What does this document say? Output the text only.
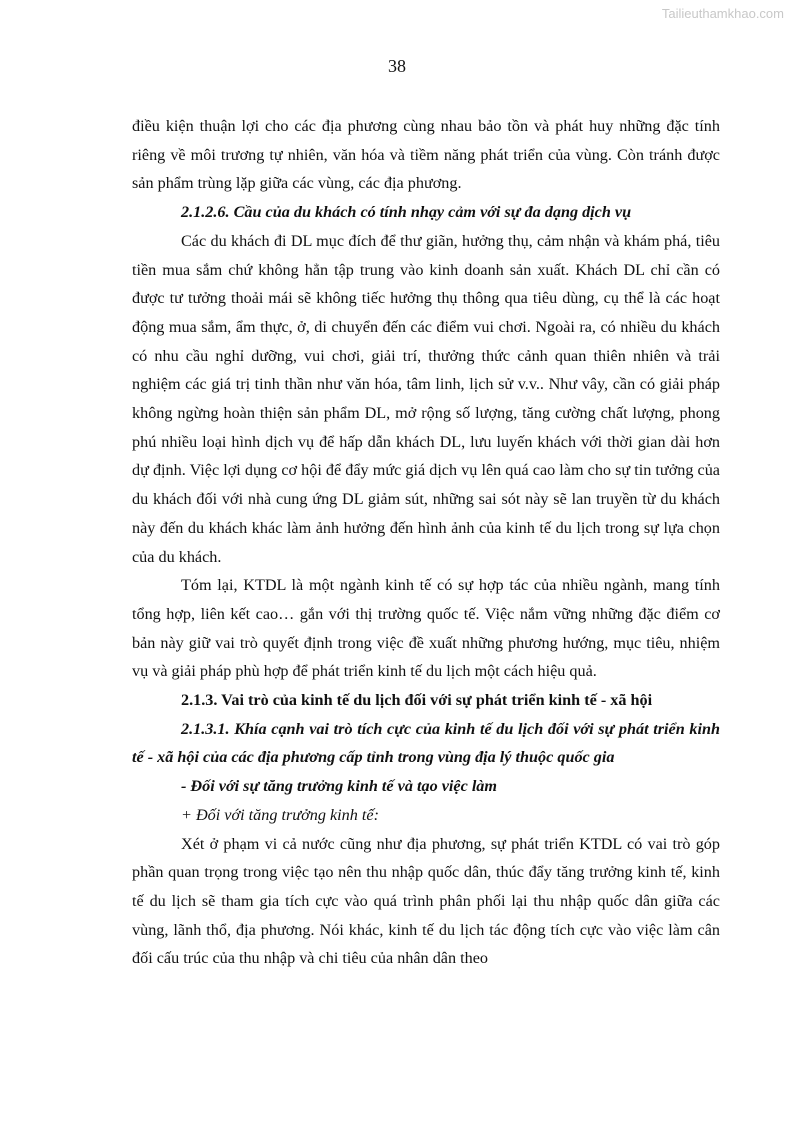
Tailieuthamkhao.com

38

điều kiện thuận lợi cho các địa phương cùng nhau bảo tồn và phát huy những đặc tính riêng về môi trương tự nhiên, văn hóa và tiềm năng phát triển của vùng. Còn tránh được sản phẩm trùng lặp giữa các vùng, các địa phương.

2.1.2.6. Cầu của du khách có tính nhạy cảm với sự đa dạng dịch vụ

Các du khách đi DL mục đích để thư giãn, hưởng thụ, cảm nhận và khám phá, tiêu tiền mua sắm chứ không hẳn tập trung vào kinh doanh sản xuất. Khách DL chỉ cần có được tư tưởng thoải mái sẽ không tiếc hưởng thụ thông qua tiêu dùng, cụ thể là các hoạt động mua sắm, ẩm thực, ở, di chuyển đến các điểm vui chơi. Ngoài ra, có nhiều du khách có nhu cầu nghỉ dưỡng, vui chơi, giải trí, thưởng thức cảnh quan thiên nhiên và trải nghiệm các giá trị tinh thần như văn hóa, tâm linh, lịch sử v.v.. Như vây, cần có giải pháp không ngừng hoàn thiện sản phẩm DL, mở rộng số lượng, tăng cường chất lượng, phong phú nhiều loại hình dịch vụ để hấp dẫn khách DL, lưu luyến khách với thời gian dài hơn dự định. Việc lợi dụng cơ hội để đẩy mức giá dịch vụ lên quá cao làm cho sự tin tưởng của du khách đối với nhà cung ứng DL giảm sút, những sai sót này sẽ lan truyền từ du khách này đến du khách khác làm ảnh hưởng đến hình ảnh của kinh tế du lịch trong sự lựa chọn của du khách.

Tóm lại, KTDL là một ngành kinh tế có sự hợp tác của nhiều ngành, mang tính tổng hợp, liên kết cao… gắn với thị trường quốc tế. Việc nắm vững những đặc điểm cơ bản này giữ vai trò quyết định trong việc đề xuất những phương hướng, mục tiêu, nhiệm vụ và giải pháp phù hợp để phát triển kinh tế du lịch một cách hiệu quả.

2.1.3. Vai trò của kinh tế du lịch đối với sự phát triển kinh tế - xã hội

2.1.3.1. Khía cạnh vai trò tích cực của kinh tế du lịch đối với sự phát triển kinh tế - xã hội của các địa phương cấp tỉnh trong vùng địa lý thuộc quốc gia

- Đối với sự tăng trưởng kinh tế và tạo việc làm

+ Đối với tăng trưởng kinh tế:

Xét ở phạm vi cả nước cũng như địa phương, sự phát triển KTDL có vai trò góp phần quan trọng trong việc tạo nên thu nhập quốc dân, thúc đẩy tăng trưởng kinh tế, kinh tế du lịch sẽ tham gia tích cực vào quá trình phân phối lại thu nhập quốc dân giữa các vùng, lãnh thổ, địa phương. Nói khác, kinh tế du lịch tác động tích cực vào việc làm cân đối cấu trúc của thu nhập và chi tiêu của nhân dân theo
